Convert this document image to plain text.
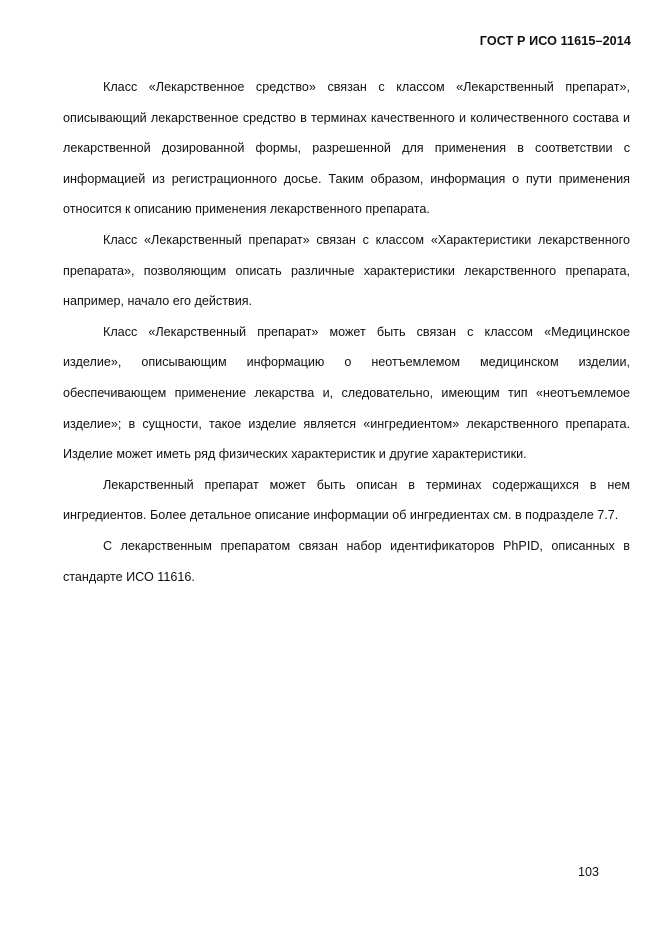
ГОСТ Р ИСО 11615–2014

Класс «Лекарственное средство» связан с классом «Лекарственный препарат», описывающий лекарственное средство в терминах качественного и количественного состава и лекарственной дозированной формы, разрешенной для применения в соответствии с информацией из регистрационного досье. Таким образом, информация о пути применения относится к описанию применения лекарственного препарата.

Класс «Лекарственный препарат» связан с классом «Характеристики лекарственного препарата», позволяющим описать различные характеристики лекарственного препарата, например, начало его действия.

Класс «Лекарственный препарат» может быть связан с классом «Медицинское изделие», описывающим информацию о неотъемлемом медицинском изделии, обеспечивающем применение лекарства и, следовательно, имеющим тип «неотъемлемое изделие»; в сущности, такое изделие является «ингредиентом» лекарственного препарата. Изделие может иметь ряд физических характеристик и другие характеристики.

Лекарственный препарат может быть описан в терминах содержащихся в нем ингредиентов. Более детальное описание информации об ингредиентах см. в подразделе 7.7.

С лекарственным препаратом связан набор идентификаторов PhPID, описанных в стандарте ИСО 11616.

103
